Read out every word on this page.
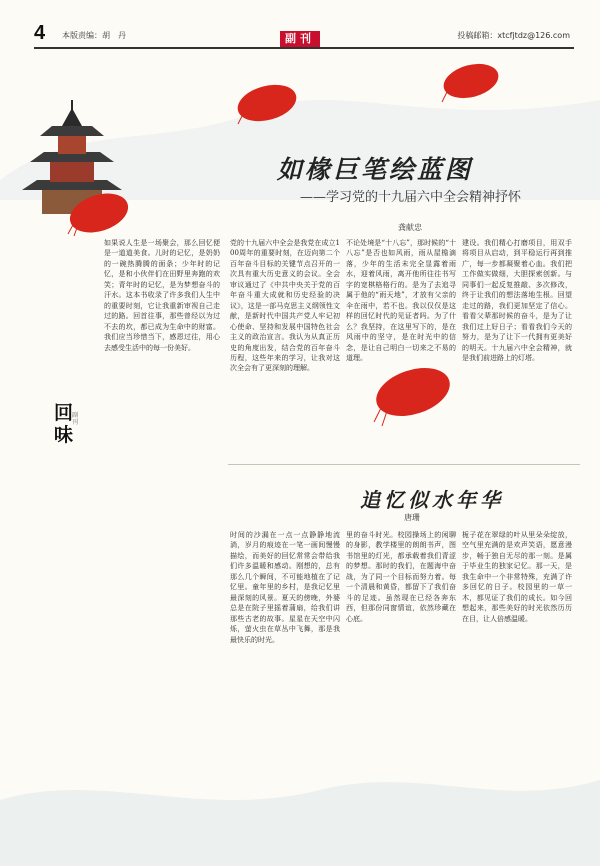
4 本版责编：胡　丹	副刊	投稿邮箱：xtcfjtdz@126.com
如椽巨笔绘蓝图
——学习党的十九届六中全会精神抒怀
龚献忠
党的十九届六中全会是我党在成立100周年的重要时刻，在迈向第二个百年奋斗目标的关键节点召开的一次具有重大历史意义的会议。全会审议通过了《中共中央关于党的百年奋斗重大成就和历史经验的决议》，这是一部马克思主义纲领性文献，是新时代中国共产党人牢记初心使命、坚持和发展中国特色社会主义的政治宣言。我认为从真正历史的角度出发，结合党的百年奋斗历程，这些年来的学习，让我对这次全会有了更深刻的理解。
不论处境是“十八忘”，那时候的“十八忘”是否也如风雨，雨从屋檐滴落，少年的生活未完全显露着雨水，迎着风雨，离开他所往往书写字的宽棋格格行的。是为了去追寻属于他的“雨天地”，才放有父亲的伞在雨中，若不也。我以仅仅是这样的回忆时代的见证者吗。为了什么？我坚持，在这里写下的，是在风雨中的坚守，是在时光中的信念，是让自己明白一切来之不易的道理。
建设。我们精心打磨项目，用双手将项目从启动，到平稳运行再到推广，每一步都凝聚着心血。我们把工作做实做细，大胆探索创新。与同事们一起反复推敲、多次修改，终于让我们的想法落地生根。回望走过的路，我们更加坚定了信心。看看父辈那时候的奋斗，是为了让我们过上好日子；看看我们今天的努力，是为了让下一代拥有更美好的明天。十九届六中全会精神，就是我们前进路上的灯塔。
如果说人生是一场聚会，那么回忆便是一道道美食。儿时的记忆，是奶奶的一碗热腾腾的面条；少年时的记忆，是和小伙伴们在田野里奔跑的欢笑；青年时的记忆，是为梦想奋斗的汗水。这本书收录了许多我们人生中的重要时刻，它让我重新审视自己走过的路。回首往事，那些曾经以为过不去的坎，都已成为生命中的财富。我们应当珍惜当下，感恩过往，用心去感受生活中的每一份美好。
回味
副刊
追忆似水年华
唐珊
时间的沙漏在一点一点静静地流淌，岁月的痕迹在一笔一画间慢慢描绘，而美好的回忆常常会带给我们许多温暖和感动。刚想的，总有那么几个瞬间，不可能地植在了记忆里。童年里的乡村，是我记忆里最深刻的风景。夏天的傍晚，外婆总是在院子里摇着蒲扇，给我们讲那些古老的故事。星星在天空中闪烁，萤火虫在草丛中飞舞，那是我最快乐的时光。
里的奋斗时光。校园操场上的闲聊的身影，教学楼里的朗朗书声，图书馆里的灯光，都承载着我们青涩的梦想。那时的我们，在题海中奋战，为了同一个目标而努力着。每一个清晨和黄昏，都留下了我们奋斗的足迹。虽然现在已经各奔东西，但那份同窗情谊，依然珍藏在心底。
栀子花在翠绿的叶从里朵朵绽放，空气里充满的是欢声笑语，愿意漫步，畅于独自无尽的那一刻。是属于毕业生的独家记忆。那一天，是我生命中一个非常特殊，充满了许多回忆的日子。校园里的一草一木，都见证了我们的成长。如今回想起来，那些美好的时光依然历历在目，让人倍感温暖。
